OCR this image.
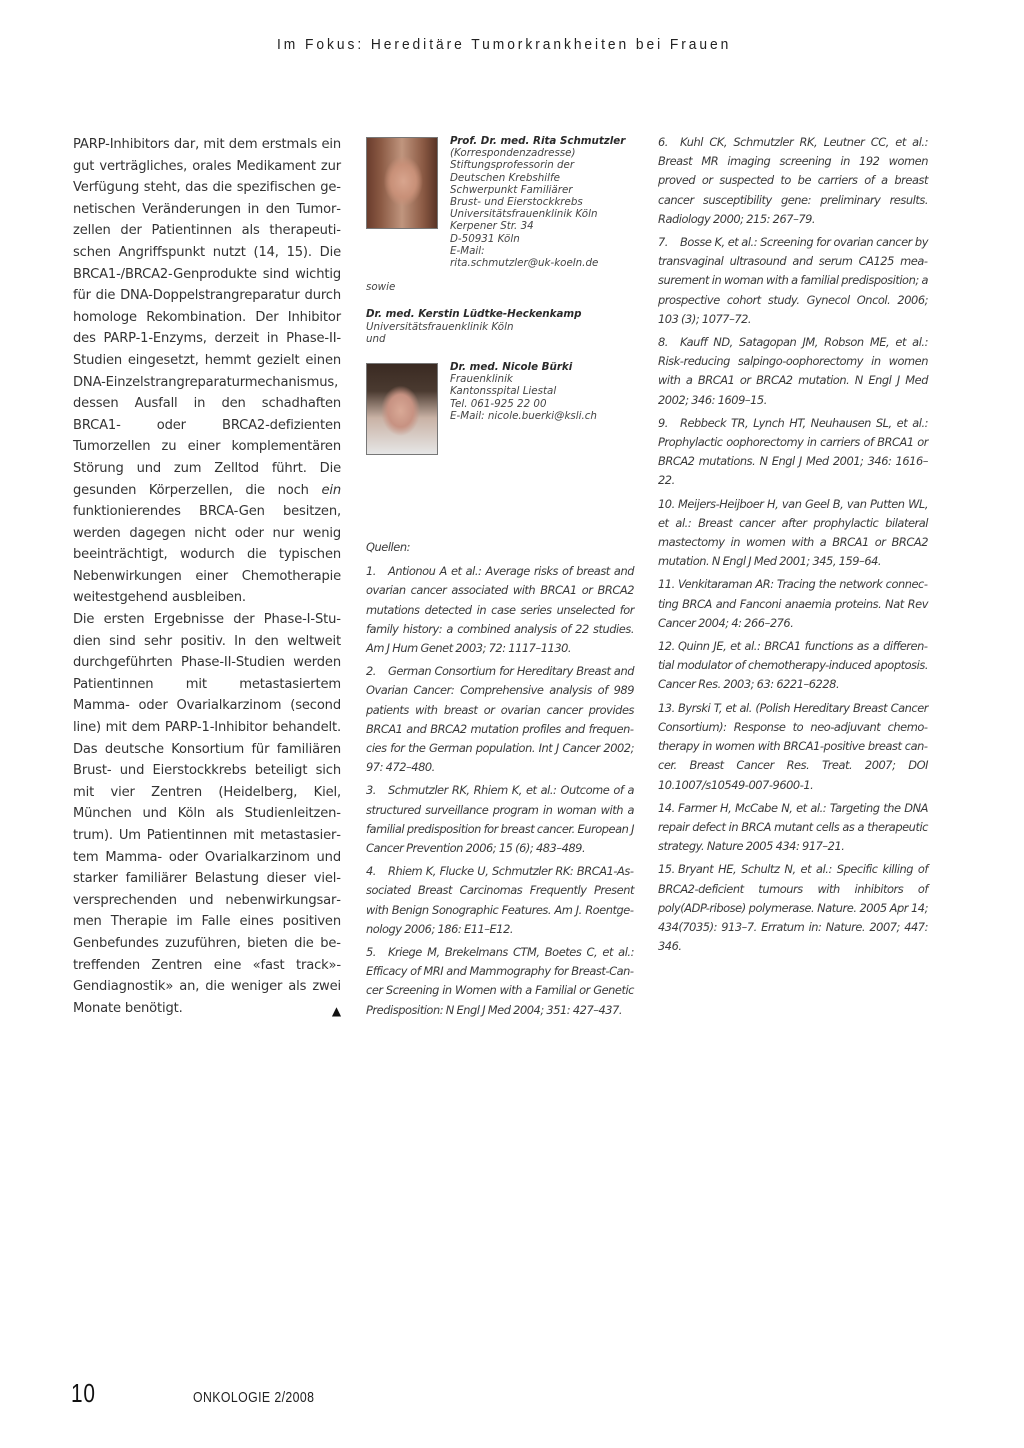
Im Fokus: Hereditäre Tumorkrankheiten bei Frauen

PARP-Inhibitors dar, mit dem erstmals ein gut verträgliches, orales Medikament zur Verfügung steht, das die spezifischen genetischen Veränderungen in den Tumorzellen der Patientinnen als therapeutischen Angriffspunkt nutzt (14, 15). Die BRCA1-/BRCA2-Genprodukte sind wichtig für die DNA-Doppelstrangreparatur durch homologe Rekombination. Der Inhibitor des PARP-1-Enzyms, derzeit in Phase-II-Studien eingesetzt, hemmt gezielt einen DNA-Einzelstrangreparaturmechanismus, dessen Ausfall in den schadhaften BRCA1- oder BRCA2-defizienten Tumorzellen zu einer komplementären Störung und zum Zelltod führt. Die gesunden Körperzellen, die noch ein funktionierendes BRCA-Gen besitzen, werden dagegen nicht oder nur wenig beeinträchtigt, wodurch die typischen Nebenwirkungen einer Chemotherapie weitestgehend ausbleiben.

Die ersten Ergebnisse der Phase-I-Studien sind sehr positiv. In den weltweit durchgeführten Phase-II-Studien werden Patientinnen mit metastasiertem Mamma- oder Ovarialkarzinom (second line) mit dem PARP-1-Inhibitor behandelt. Das deutsche Konsortium für familiären Brust- und Eierstockkrebs beteiligt sich mit vier Zentren (Heidelberg, Kiel, München und Köln als Studienleitzentrum). Um Patientinnen mit metastasiertem Mamma- oder Ovarialkarzinom und starker familiärer Belastung dieser vielversprechenden und nebenwirkungsarmen Therapie im Falle eines positiven Genbefundes zuzuführen, bieten die betreffenden Zentren eine «fast track»-Gendiagnostik» an, die weniger als zwei Monate benötigt.	▲

Prof. Dr. med. Rita Schmutzler
(Korrespondenzadresse)
Stiftungsprofessorin der
Deutschen Krebshilfe
Schwerpunkt Familiärer
Brust- und Eierstockkrebs
Universitätsfrauenklinik Köln
Kerpener Str. 34
D-50931 Köln
E-Mail:
rita.schmutzler@uk-koeln.de
sowie
Dr. med. Kerstin Lüdtke-Heckenkamp
Universitätsfrauenklinik Köln
und
Dr. med. Nicole Bürki
Frauenklinik
Kantonsspital Liestal
Tel. 061-925 22 00
E-Mail: nicole.buerki@ksli.ch

Quellen:

1. Antionou A et al.: Average risks of breast and ovarian cancer associated with BRCA1 or BRCA2 mutations detected in case series unselected for family history: a combined analysis of 22 studies. Am J Hum Genet 2003; 72: 1117–1130.

2. German Consortium for Hereditary Breast and Ovarian Cancer: Comprehensive analysis of 989 patients with breast or ovarian cancer provides BRCA1 and BRCA2 mutation profiles and frequencies for the German population. Int J Cancer 2002; 97: 472–480.

3. Schmutzler RK, Rhiem K, et al.: Outcome of a structured surveillance program in woman with a familial predisposition for breast cancer. European J Cancer Prevention 2006; 15 (6); 483–489.

4. Rhiem K, Flucke U, Schmutzler RK: BRCA1-Associated Breast Carcinomas Frequently Present with Benign Sonographic Features. Am J. Roentgenology 2006; 186: E11–E12.

5. Kriege M, Brekelmans CTM, Boetes C, et al.: Efficacy of MRI and Mammography for Breast-Cancer Screening in Women with a Familial or Genetic Predisposition: N Engl J Med 2004; 351: 427–437.

6. Kuhl CK, Schmutzler RK, Leutner CC, et al.: Breast MR imaging screening in 192 women proved or suspected to be carriers of a breast cancer susceptibility gene: preliminary results. Radiology 2000; 215: 267–79.

7. Bosse K, et al.: Screening for ovarian cancer by transvaginal ultrasound and serum CA125 measurement in woman with a familial predisposition; a prospective cohort study. Gynecol Oncol. 2006; 103 (3); 1077–72.

8. Kauff ND, Satagopan JM, Robson ME, et al.: Risk-reducing salpingo-oophorectomy in women with a BRCA1 or BRCA2 mutation. N Engl J Med 2002; 346: 1609–15.

9. Rebbeck TR, Lynch HT, Neuhausen SL, et al.: Prophylactic oophorectomy in carriers of BRCA1 or BRCA2 mutations. N Engl J Med 2001; 346: 1616–22.

10. Meijers-Heijboer H, van Geel B, van Putten WL, et al.: Breast cancer after prophylactic bilateral mastectomy in women with a BRCA1 or BRCA2 mutation. N Engl J Med 2001; 345, 159–64.

11. Venkitaraman AR: Tracing the network connecting BRCA and Fanconi anaemia proteins. Nat Rev Cancer 2004; 4: 266–276.

12. Quinn JE, et al.: BRCA1 functions as a differential modulator of chemotherapy-induced apoptosis. Cancer Res. 2003; 63: 6221–6228.

13. Byrski T, et al. (Polish Hereditary Breast Cancer Consortium): Response to neo-adjuvant chemotherapy in women with BRCA1-positive breast cancer. Breast Cancer Res. Treat. 2007; DOI 10.1007/s10549-007-9600-1.

14. Farmer H, McCabe N, et al.: Targeting the DNA repair defect in BRCA mutant cells as a therapeutic strategy. Nature 2005 434: 917–21.

15. Bryant HE, Schultz N, et al.: Specific killing of BRCA2-deficient tumours with inhibitors of poly(ADP-ribose) polymerase. Nature. 2005 Apr 14; 434(7035): 913–7. Erratum in: Nature. 2007; 447: 346.

10	ONKOLOGIE 2/2008
